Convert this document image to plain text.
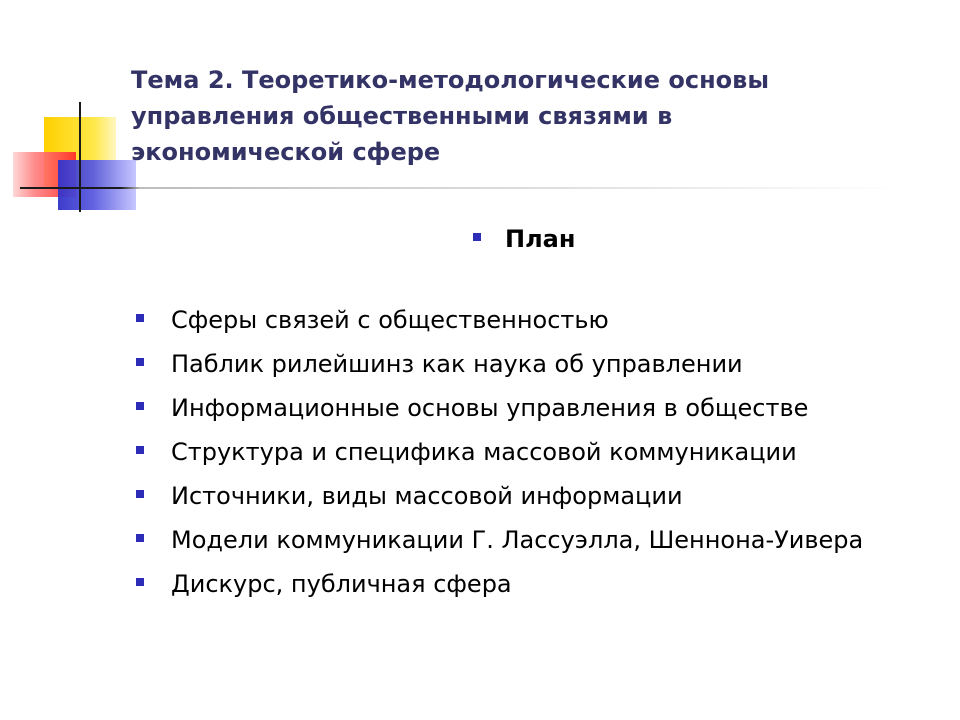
Тема 2. Теоретико-методологические основы управления общественными связями в экономической сфере
План
Сферы связей с общественностью
Паблик рилейшинз как наука об управлении
Информационные основы управления в обществе
Структура и специфика массовой коммуникации
Источники, виды массовой информации
Модели коммуникации Г. Лассуэлла, Шеннона-Уивера
Дискурс, публичная сфера
